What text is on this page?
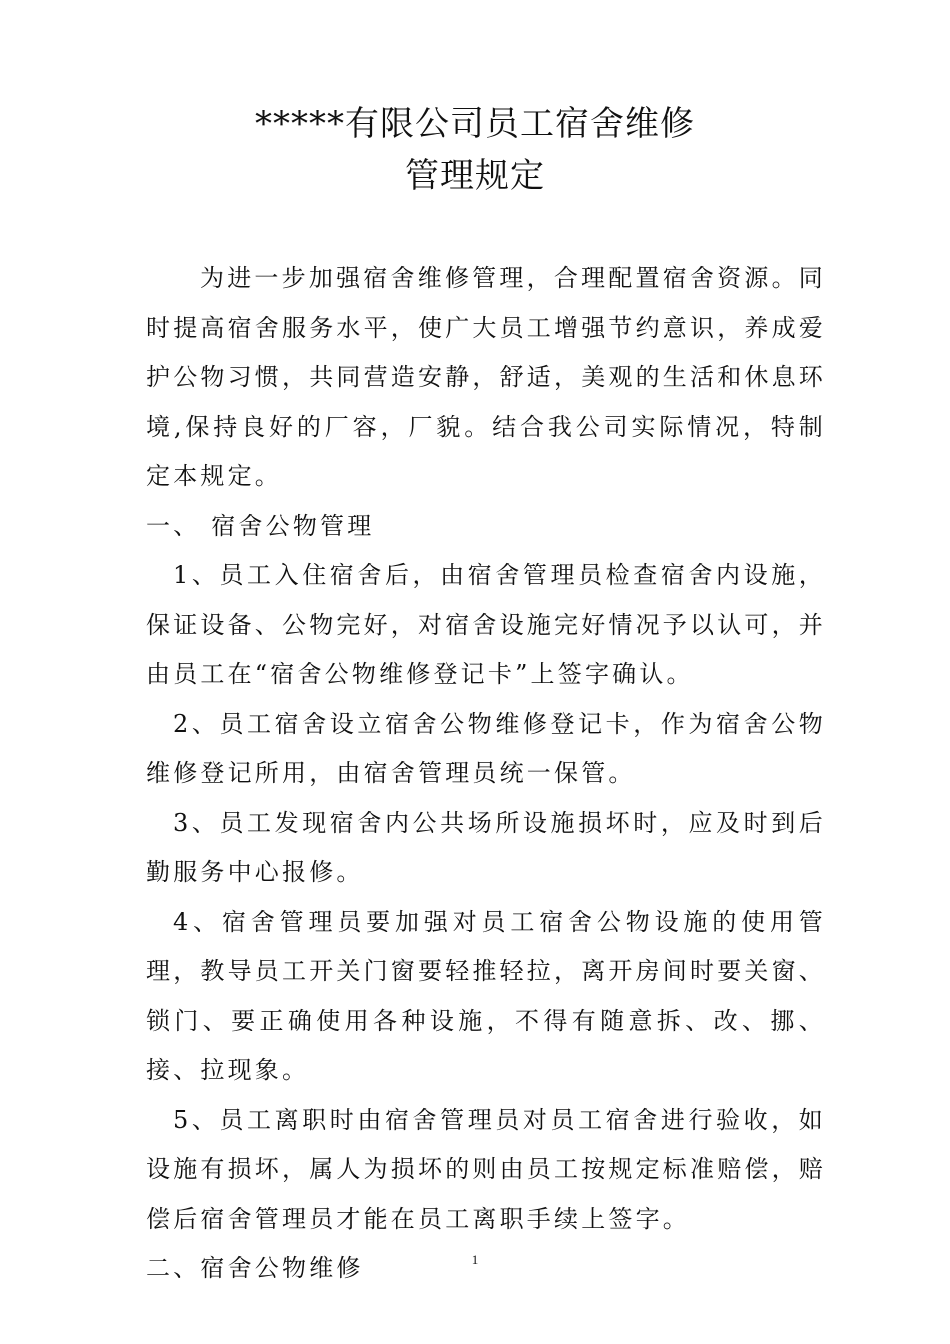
*****有限公司员工宿舍维修
管理规定

为进一步加强宿舍维修管理，合理配置宿舍资源。同时提高宿舍服务水平，使广大员工增强节约意识，养成爱护公物习惯，共同营造安静，舒适，美观的生活和休息环境,保持良好的厂容，厂貌。结合我公司实际情况，特制定本规定。

一、 宿舍公物管理

1、员工入住宿舍后，由宿舍管理员检查宿舍内设施，保证设备、公物完好，对宿舍设施完好情况予以认可，并由员工在“宿舍公物维修登记卡”上签字确认。

2、员工宿舍设立宿舍公物维修登记卡，作为宿舍公物维修登记所用，由宿舍管理员统一保管。

3、员工发现宿舍内公共场所设施损坏时，应及时到后勤服务中心报修。

4、宿舍管理员要加强对员工宿舍公物设施的使用管理，教导员工开关门窗要轻推轻拉，离开房间时要关窗、锁门、要正确使用各种设施，不得有随意拆、改、挪、接、拉现象。

5、员工离职时由宿舍管理员对员工宿舍进行验收，如设施有损坏，属人为损坏的则由员工按规定标准赔偿，赔偿后宿舍管理员才能在员工离职手续上签字。

二、宿舍公物维修	1
